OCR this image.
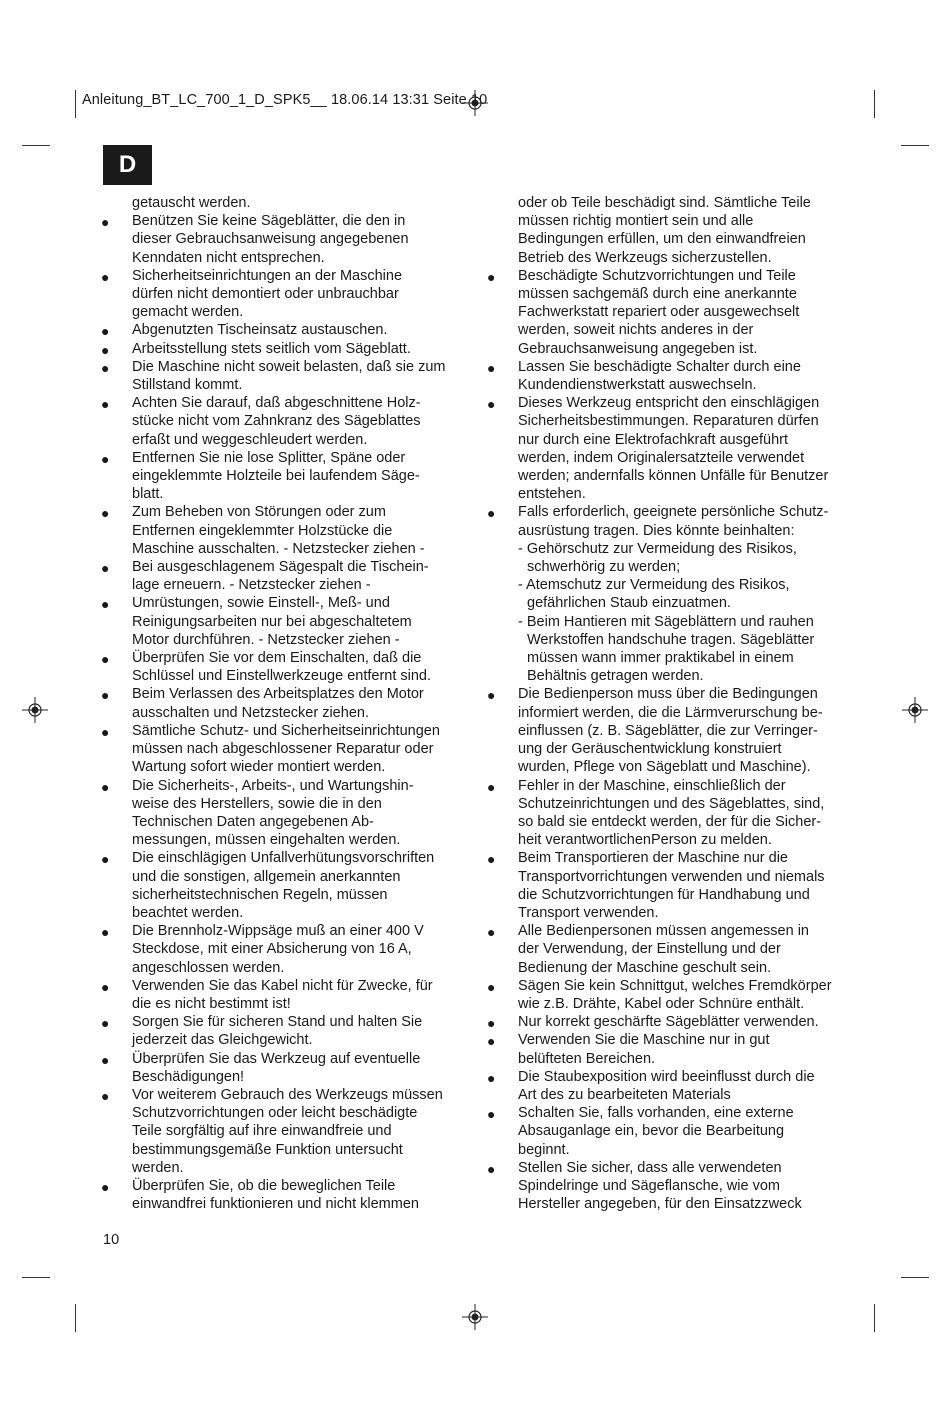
Anleitung_BT_LC_700_1_D_SPK5__ 18.06.14 13:31 Seite 10
D
getauscht werden.
● Benützen Sie keine Sägeblätter, die den in
dieser Gebrauchsanweisung angegebenen
Kenndaten nicht entsprechen.
● Sicherheitseinrichtungen an der Maschine
dürfen nicht demontiert oder unbrauchbar
gemacht werden.
● Abgenutzten Tischeinsatz austauschen.
● Arbeitsstellung stets seitlich vom Sägeblatt.
● Die Maschine nicht soweit belasten, daß sie zum
Stillstand kommt.
● Achten Sie darauf, daß abgeschnittene Holz-
stücke nicht vom Zahnkranz des Sägeblattes
erfaßt und weggeschleudert werden.
● Entfernen Sie nie lose Splitter, Späne oder
eingeklemmte Holzteile bei laufendem Säge-
blatt.
● Zum Beheben von Störungen oder zum
Entfernen eingeklemmter Holzstücke die
Maschine ausschalten. - Netzstecker ziehen -
● Bei ausgeschlagenem Sägespalt die Tischein-
lage erneuern. - Netzstecker ziehen -
● Umrüstungen, sowie Einstell-, Meß- und
Reinigungsarbeiten nur bei abgeschaltetem
Motor durchführen. - Netzstecker ziehen -
● Überprüfen Sie vor dem Einschalten, daß die
Schlüssel und Einstellwerkzeuge entfernt sind.
● Beim Verlassen des Arbeitsplatzes den Motor
ausschalten und Netzstecker ziehen.
● Sämtliche Schutz- und Sicherheitseinrichtungen
müssen nach abgeschlossener Reparatur oder
Wartung sofort wieder montiert werden.
● Die Sicherheits-, Arbeits-, und Wartungshin-
weise des Herstellers, sowie die in den
Technischen Daten angegebenen Ab-
messungen, müssen eingehalten werden.
● Die einschlägigen Unfallverhütungsvorschriften
und die sonstigen, allgemein anerkannten
sicherheitstechnischen Regeln, müssen
beachtet werden.
● Die Brennholz-Wippsäge muß an einer 400 V
Steckdose, mit einer Absicherung von 16 A,
angeschlossen werden.
● Verwenden Sie das Kabel nicht für Zwecke, für
die es nicht bestimmt ist!
● Sorgen Sie für sicheren Stand und halten Sie
jederzeit das Gleichgewicht.
● Überprüfen Sie das Werkzeug auf eventuelle
Beschädigungen!
● Vor weiterem Gebrauch des Werkzeugs müssen
Schutzvorrichtungen oder leicht beschädigte
Teile sorgfältig auf ihre einwandfreie und
bestimmungsgemäße Funktion untersucht
werden.
● Überprüfen Sie, ob die beweglichen Teile
einwandfrei funktionieren und nicht klemmen
oder ob Teile beschädigt sind. Sämtliche Teile
müssen richtig montiert sein und alle
Bedingungen erfüllen, um den einwandfreien
Betrieb des Werkzeugs sicherzustellen.
● Beschädigte Schutzvorrichtungen und Teile
müssen sachgemäß durch eine anerkannte
Fachwerkstatt repariert oder ausgewechselt
werden, soweit nichts anderes in der
Gebrauchsanweisung angegeben ist.
● Lassen Sie beschädigte Schalter durch eine
Kundendienstwerkstatt auswechseln.
● Dieses Werkzeug entspricht den einschlägigen
Sicherheitsbestimmungen. Reparaturen dürfen
nur durch eine Elektrofachkraft ausgeführt
werden, indem Originalersatzteile verwendet
werden; andernfalls können Unfälle für Benutzer
entstehen.
● Falls erforderlich, geeignete persönliche Schutz-
ausrüstung tragen. Dies könnte beinhalten:
- Gehörschutz zur Vermeidung des Risikos,
schwerhörig zu werden;
- Atemschutz zur Vermeidung des Risikos,
gefährlichen Staub einzuatmen.
- Beim Hantieren mit Sägeblättern und rauhen
Werkstoffen handschuhe tragen. Sägeblätter
müssen wann immer praktikabel in einem
Behältnis getragen werden.
● Die Bedienperson muss über die Bedingungen
informiert werden, die die Lärmverurschung be-
einflussen (z. B. Sägeblätter, die zur Verringer-
ung der Geräuschentwicklung konstruiert
wurden, Pflege von Sägeblatt und Maschine).
● Fehler in der Maschine, einschließlich der
Schutzeinrichtungen und des Sägeblattes, sind,
so bald sie entdeckt werden, der für die Sicher-
heit verantwortlichenPerson zu melden.
● Beim Transportieren der Maschine nur die
Transportvorrichtungen verwenden und niemals
die Schutzvorrichtungen für Handhabung und
Transport verwenden.
● Alle Bedienpersonen müssen angemessen in
der Verwendung, der Einstellung und der
Bedienung der Maschine geschult sein.
● Sägen Sie kein Schnittgut, welches Fremdkörper
wie z.B. Drähte, Kabel oder Schnüre enthält.
● Nur korrekt geschärfte Sägeblätter verwenden.
● Verwenden Sie die Maschine nur in gut
belüfteten Bereichen.
● Die Staubexposition wird beeinflusst durch die
Art des zu bearbeiteten Materials
● Schalten Sie, falls vorhanden, eine externe
Absauganlage ein, bevor die Bearbeitung
beginnt.
● Stellen Sie sicher, dass alle verwendeten
Spindelringe und Sägeflansche, wie vom
Hersteller angegeben, für den Einsatzzweck
10
